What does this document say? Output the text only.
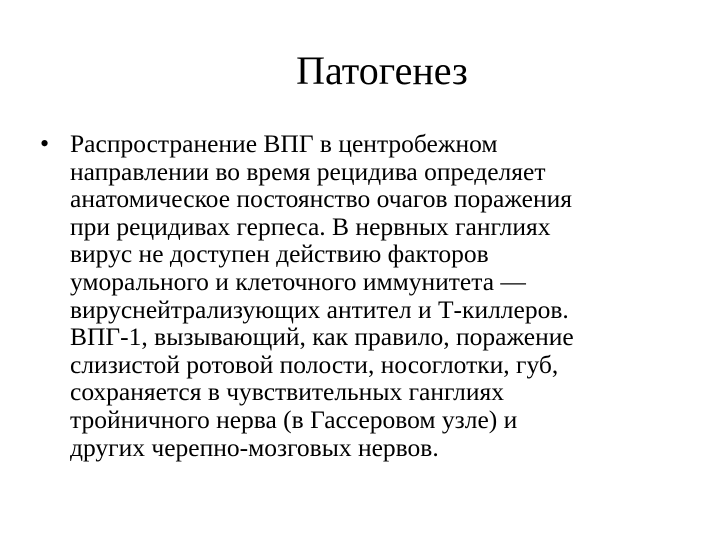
Патогенез
• Распространение ВПГ в центробежном
направлении во время рецидива определяет
анатомическое постоянство очагов поражения
при рецидивах герпеса. В нервных ганглиях
вирус не доступен действию факторов
уморального и клеточного иммунитета —
вируснейтрализующих антител и Т-киллеров.
ВПГ-1, вызывающий, как правило, поражение
слизистой ротовой полости, носоглотки, губ,
сохраняется в чувствительных ганглиях
тройничного нерва (в Гассеровом узле) и
других черепно-мозговых нервов.
